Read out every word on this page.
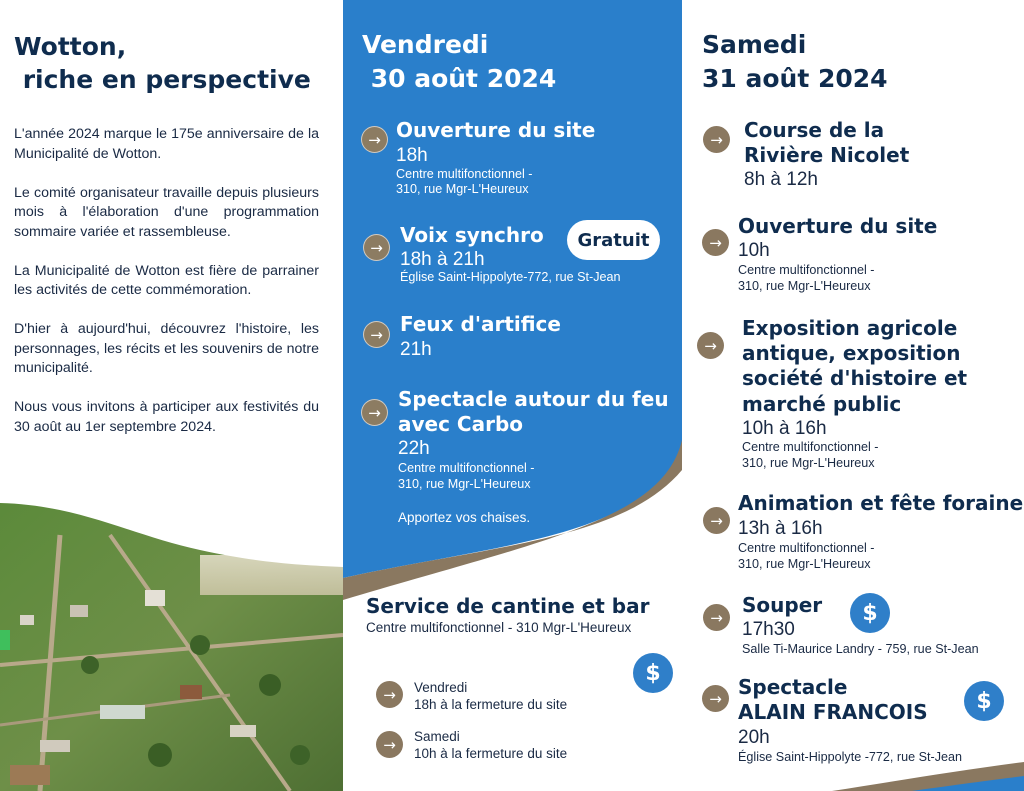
Wotton,
riche en perspective

L'année 2024 marque le 175e anniversaire de la Municipalité de Wotton.

Le comité organisateur travaille depuis plusieurs mois à l'élaboration d'une programmation sommaire variée et rassembleuse.

La Municipalité de Wotton est fière de parrainer les activités de cette commémoration.

D'hier à aujourd'hui, découvrez l'histoire, les personnages, les récits et les souvenirs de notre municipalité.

Nous vous invitons à participer aux festivités du 30 août au 1er septembre 2024.

Vendredi
30 août 2024
→ Ouverture du site
18h
Centre multifonctionnel -
310, rue Mgr-L'Heureux
→
Voix synchro	Gratuit
18h à 21h
Église Saint-Hippolyte-772, rue St-Jean
→ Feux d'artifice
21h
→
Spectacle autour du feu
avec Carbo
22h
Centre multifonctionnel -
310, rue Mgr-L'Heureux
Apportez vos chaises.
Service de cantine et bar
Centre multifonctionnel - 310 Mgr-L'Heureux
$
→	Vendredi
18h à la fermeture du site
→	Samedi
10h à la fermeture du site
Samedi
31 août 2024
→	Course de la
Rivière Nicolet
8h à 12h
→
Ouverture du site
10h
Centre multifonctionnel -
310, rue Mgr-L'Heureux
→
Exposition agricole
antique, exposition
société d'histoire et
marché public
10h à 16h
Centre multifonctionnel -
310, rue Mgr-L'Heureux
→
Animation et fête foraine
13h à 16h
Centre multifonctionnel -
310, rue Mgr-L'Heureux
→
Souper	$
17h30
Salle Ti-Maurice Landry - 759, rue St-Jean
→ Spectacle
ALAIN FRANCOIS	$
20h
Église Saint-Hippolyte -772, rue St-Jean
